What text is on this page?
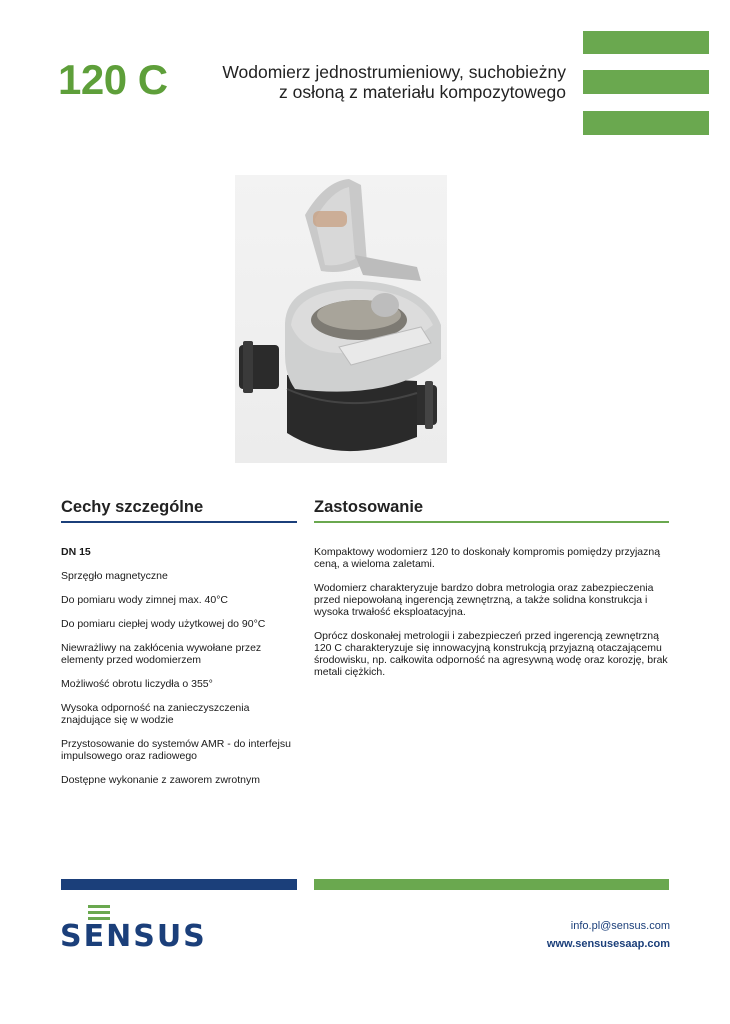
120 C	Wodomierz jednostrumieniowy, suchobieżny
z osłoną z materiału kompozytowego
Cechy szczególne
DN 15
Sprzęgło magnetyczne
Do pomiaru wody zimnej max. 40°C
Do pomiaru ciepłej wody użytkowej do 90°C
Niewrażliwy na zakłócenia wywołane przez elementy przed wodomierzem
Możliwość obrotu liczydła o 355°
Wysoka odporność na zanieczyszczenia znajdujące się w wodzie
Przystosowanie do systemów AMR - do interfejsu impulsowego oraz radiowego
Dostępne wykonanie z zaworem zwrotnym
Zastosowanie

Kompaktowy wodomierz 120 to doskonały kompromis pomiędzy przyjazną ceną, a wieloma zaletami.

Wodomierz charakteryzuje bardzo dobra metrologia oraz zabezpieczenia przed niepowołaną ingerencją zewnętrzną, a także solidna konstrukcja i wysoka trwałość eksploatacyjna.

Oprócz doskonałej metrologii i zabezpieczeń przed ingerencją zewnętrzną 120 C charakteryzuje się innowacyjną konstrukcją przyjazną otaczającemu środowisku, np. całkowita odporność na agresywną wodę oraz korozję, brak metali ciężkich.

SENSUS	info.pl@sensus.com
www.sensusesaap.com
